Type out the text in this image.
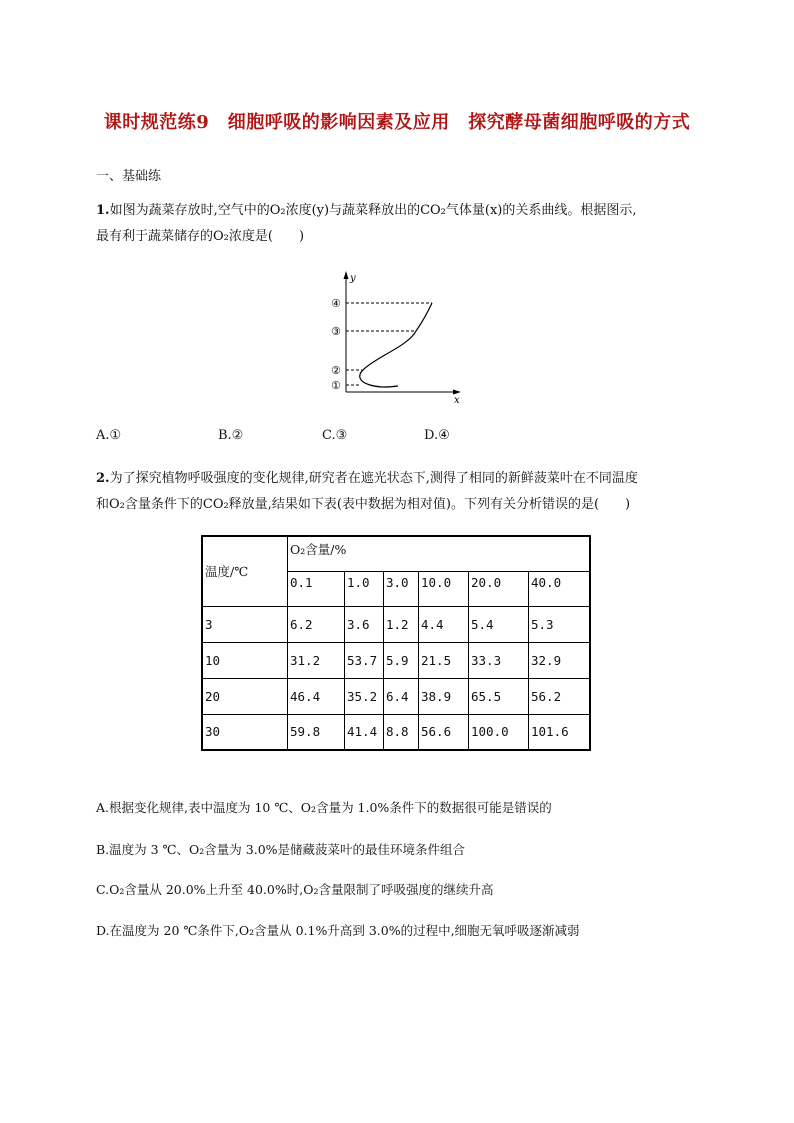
课时规范练9　细胞呼吸的影响因素及应用　探究酵母菌细胞呼吸的方式
一、基础练
1.如图为蔬菜存放时,空气中的O₂浓度(y)与蔬菜释放出的CO₂气体量(x)的关系曲线。根据图示,
最有利于蔬菜储存的O₂浓度是(　　)
y
x
④
③
②
①
A.①	B.②	C.③	D.④
2.为了探究植物呼吸强度的变化规律,研究者在遮光状态下,测得了相同的新鲜菠菜叶在不同温度
和O₂含量条件下的CO₂释放量,结果如下表(表中数据为相对值)。下列有关分析错误的是(　　)
温度/℃	O₂含量/%					
	0.1	1.0	3.0	10.0	20.0	40.0
3	6.2	3.6	1.2	4.4	5.4	5.3
10	31.2	53.7	5.9	21.5	33.3	32.9
20	46.4	35.2	6.4	38.9	65.5	56.2
30	59.8	41.4	8.8	56.6	100.0	101.6
A.根据变化规律,表中温度为 10 ℃、O₂含量为 1.0%条件下的数据很可能是错误的
B.温度为 3 ℃、O₂含量为 3.0%是储藏菠菜叶的最佳环境条件组合
C.O₂含量从 20.0%上升至 40.0%时,O₂含量限制了呼吸强度的继续升高
D.在温度为 20 ℃条件下,O₂含量从 0.1%升高到 3.0%的过程中,细胞无氧呼吸逐渐减弱
